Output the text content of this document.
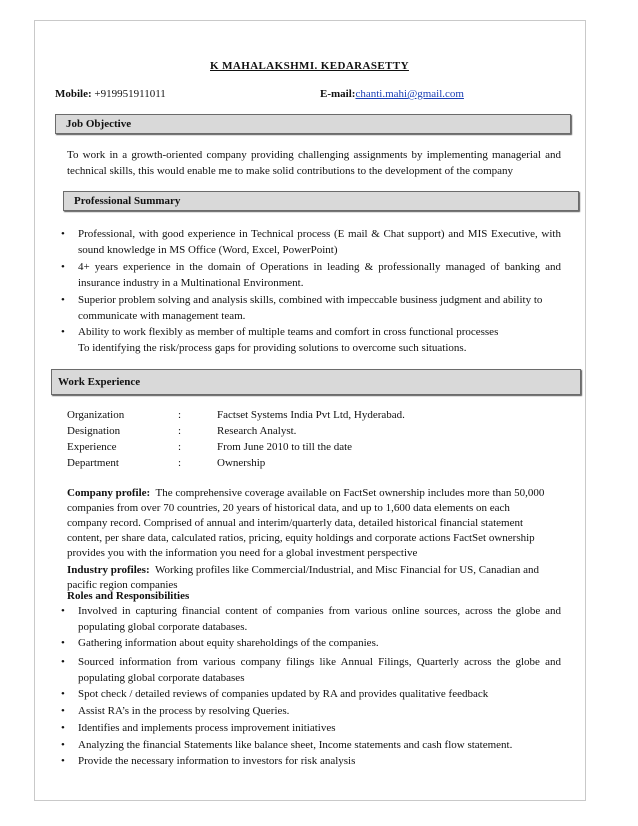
K MAHALAKSHMI. KEDARASETTY
Mobile: +919951911011	E-mail:chanti.mahi@gmail.com
Job Objective
To work in a growth-oriented company providing challenging assignments by implementing managerial and technical skills, this would enable me to make solid contributions to the development of the company
Professional Summary
• Professional, with good experience in Technical process (E mail & Chat support) and MIS Executive, with sound knowledge in MS Office (Word, Excel, PowerPoint)
• 4+ years experience in the domain of Operations in leading & professionally managed of banking and insurance industry in a Multinational Environment.
• Superior problem solving and analysis skills, combined with impeccable business judgment and ability to communicate with management team.
• Ability to work flexibly as member of multiple teams and comfort in cross functional processes
To identifying the risk/process gaps for providing solutions to overcome such situations.
Work Experience
Organization	:	Factset Systems India Pvt Ltd, Hyderabad.
Designation	:	Research Analyst.
Experience	:	From June 2010 to till the date
Department	:	Ownership
Company profile: The comprehensive coverage available on FactSet ownership includes more than 50,000 companies from over 70 countries, 20 years of historical data, and up to 1,600 data elements on each company record. Comprised of annual and interim/quarterly data, detailed historical financial statement content, per share data, calculated ratios, pricing, equity holdings and corporate actions FactSet ownership provides you with the information you need for a global investment perspective
Industry profiles: Working profiles like Commercial/Industrial, and Misc Financial for US, Canadian and pacific region companies
Roles and Responsibilities
• Involved in capturing financial content of companies from various online sources, across the globe and populating global corporate databases.
• Gathering information about equity shareholdings of the companies.
• Sourced information from various company filings like Annual Filings, Quarterly across the globe and populating global corporate databases
• Spot check / detailed reviews of companies updated by RA and provides qualitative feedback
• Assist RA’s in the process by resolving Queries.
• Identifies and implements process improvement initiatives
• Analyzing the financial Statements like balance sheet, Income statements and cash flow statement.
• Provide the necessary information to investors for risk analysis
